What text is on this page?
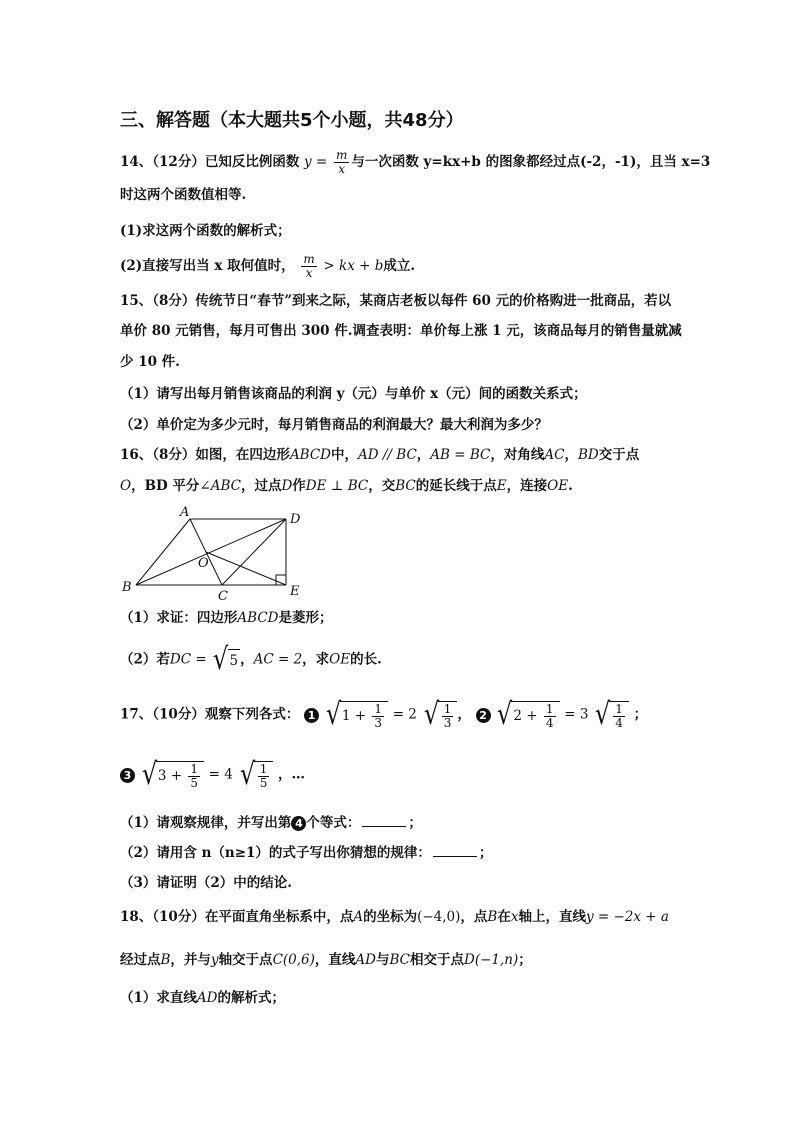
三、解答题（本大题共5个小题，共48分）
14、（12分）已知反比例函数 $y = \frac{m}{x}$ 与一次函数 y=kx+b 的图象都经过点(-2，-1)，且当 x=3
时这两个函数值相等.
(1)求这两个函数的解析式；
(2)直接写出当 x 取何值时， $\frac{m}{x}$ > kx + b成立.
15、（8分）传统节日“春节”到来之际，某商店老板以每件 60 元的价格购进一批商品，若以
单价 80 元销售，每月可售出 300 件.调查表明：单价每上涨 1 元，该商品每月的销售量就减
少 10 件.
（1）请写出每月销售该商品的利润 y（元）与单价 x（元）间的函数关系式；
（2）单价定为多少元时，每月销售商品的利润最大？最大利润为多少？
16、（8分）如图，在四边形ABCD中，AD // BC，AB = BC，对角线AC，BD交于点
O，BD 平分∠ABC，过点D作DE ⊥ BC，交BC的延长线于点E，连接OE.
A	D
B
C
O
E
（1）求证：四边形ABCD是菱形；
（2）若DC = √5 ，AC = 2，求OE的长.
17、（10分）观察下列各式： 1 $√1 + \frac{1}{3} = 2$ √ $\frac{1}{3}$ ， 2 $√2 + \frac{1}{4} = 3$ √ $\frac{1}{4}$ ；
3 $√3 + \frac{1}{5} = 4$ √ $\frac{1}{5}$ ，…
（1）请观察规律，并写出第 4 个等式：	；
（2）请用含 n（n≥1）的式子写出你猜想的规律：	；
（3）请证明（2）中的结论.
18、（10分）在平面直角坐标系中，点A的坐标为(−4,0)，点B在x轴上，直线y = −2x + a
经过点B，并与y轴交于点C(0,6)，直线AD与BC相交于点D(−1,n)；
（1）求直线AD的解析式；
